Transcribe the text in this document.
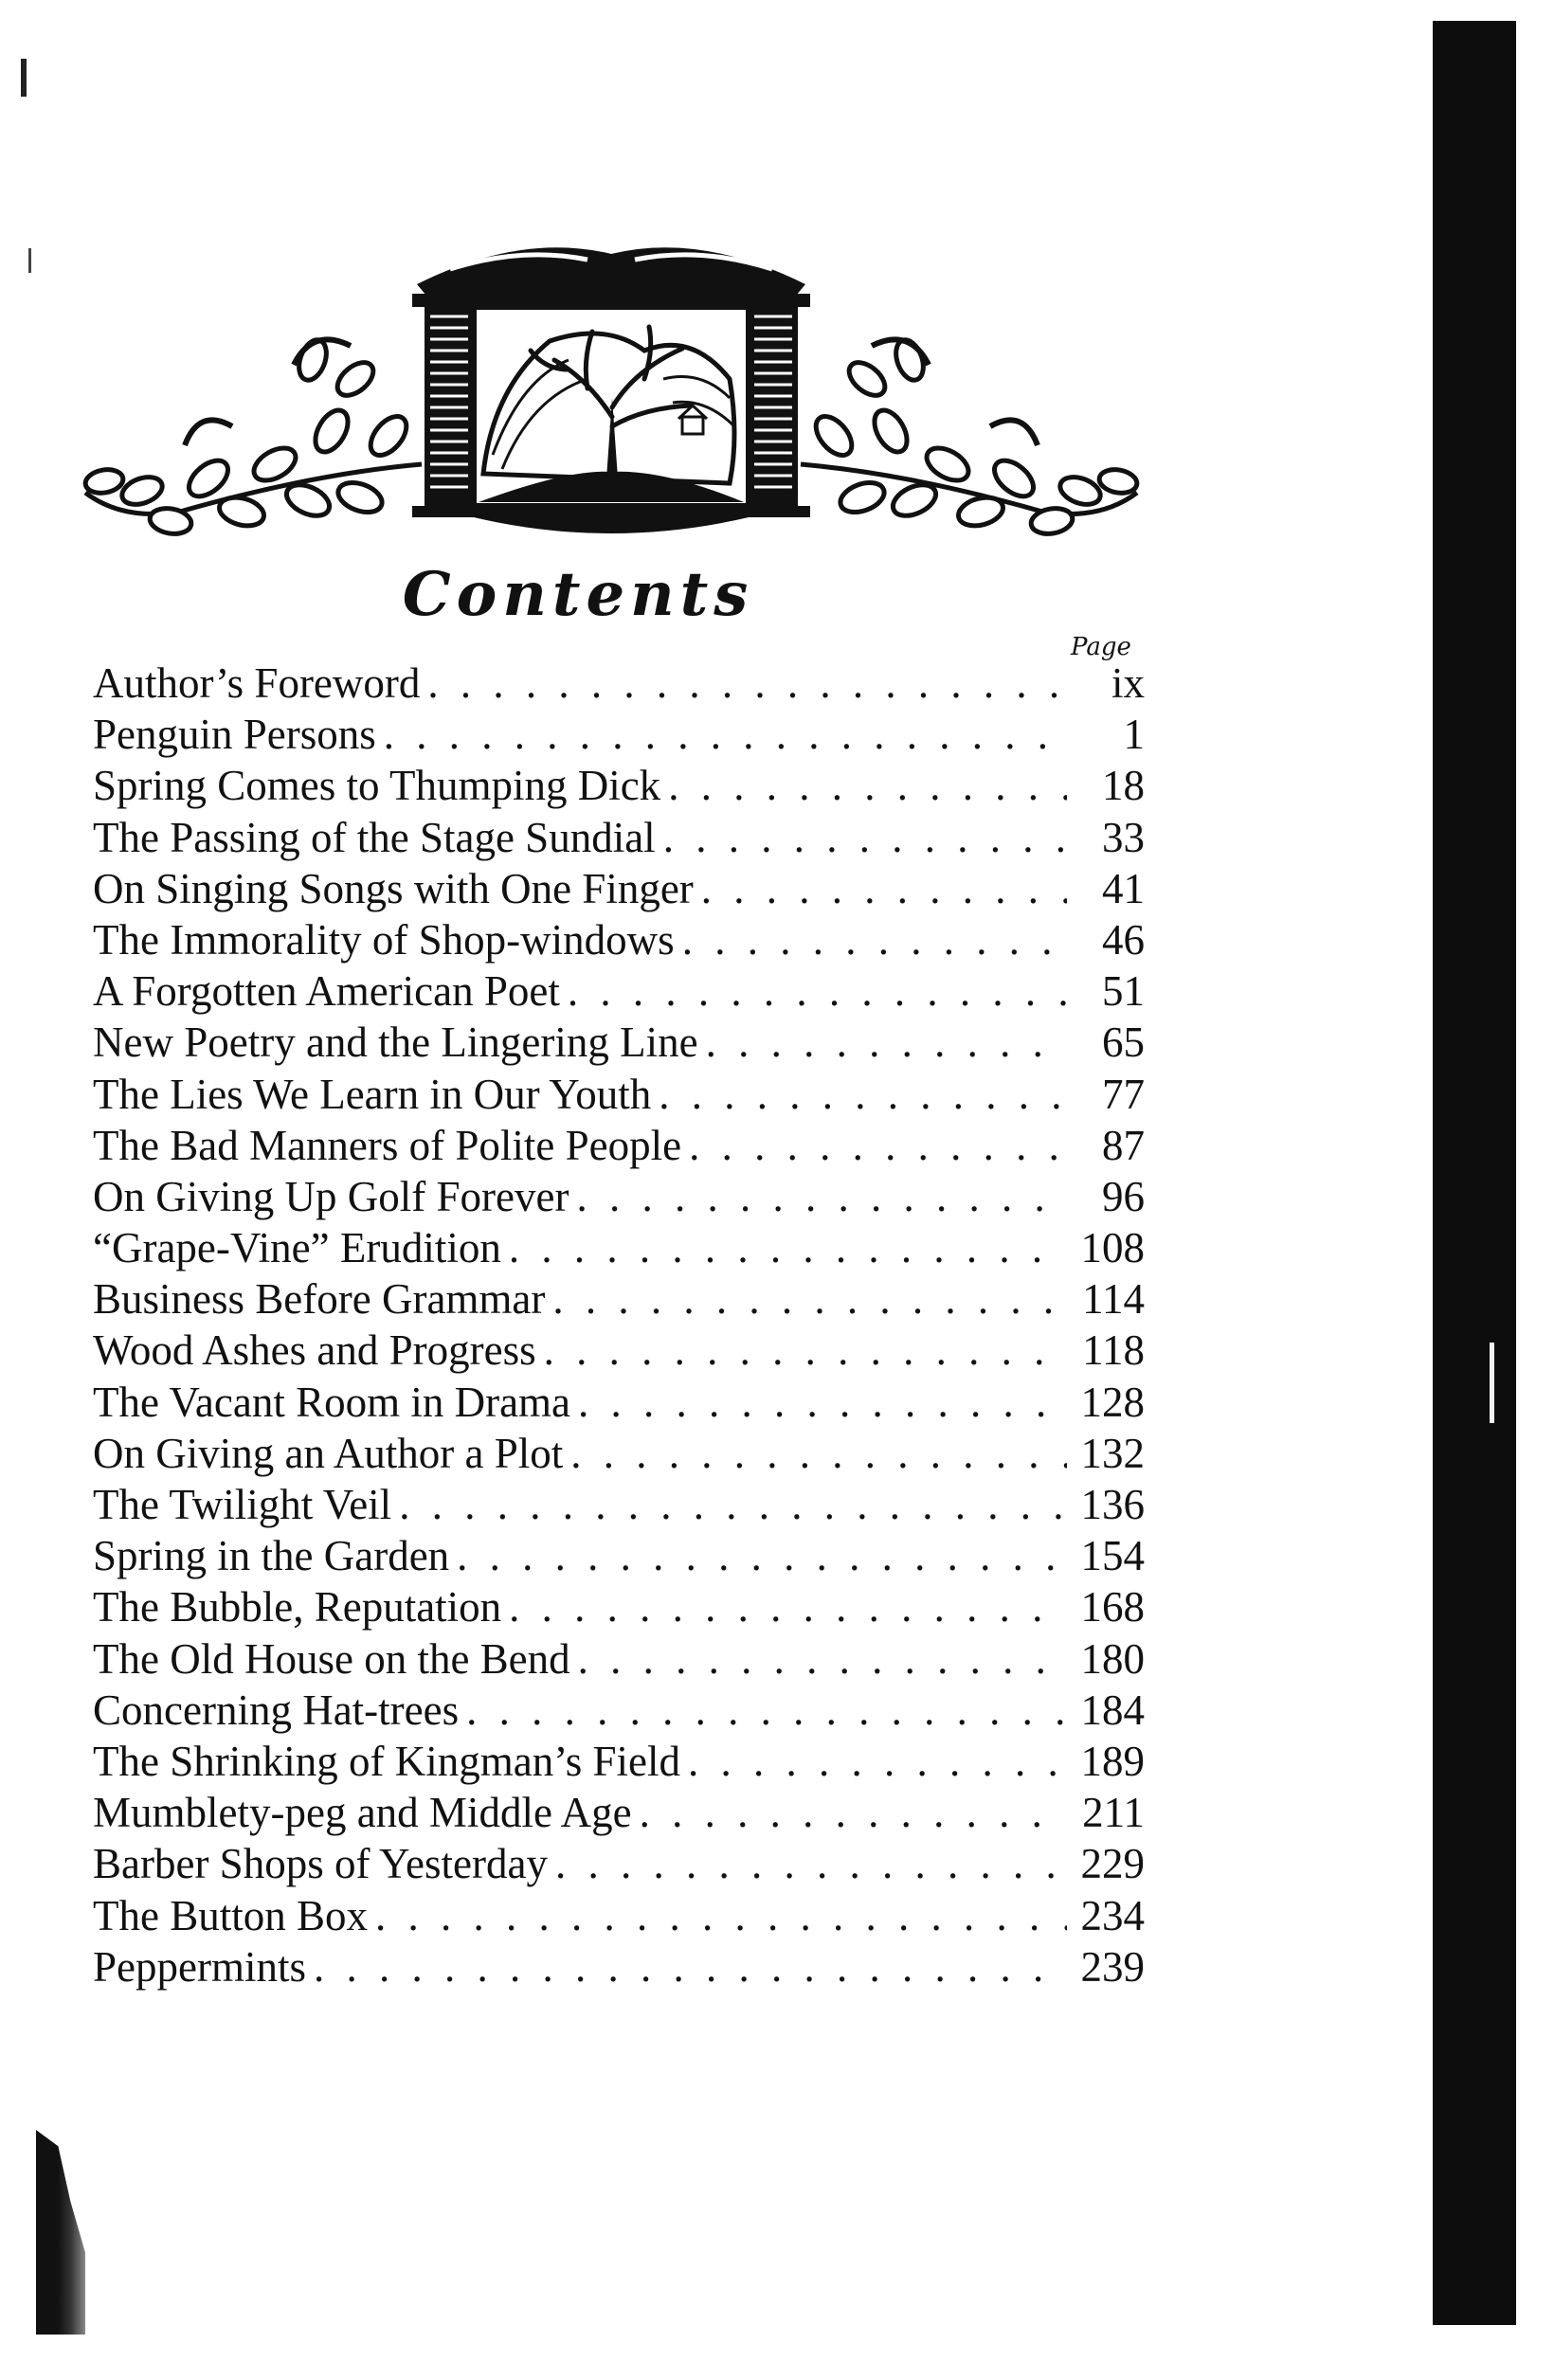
Contents
Page
Author’s Foreword . . .	ix
Penguin Persons . . .	1
Spring Comes to Thumping Dick . . .	18
The Passing of the Stage Sundial . . .	33
On Singing Songs with One Finger . . .	41
The Immorality of Shop-windows . . .	46
A Forgotten American Poet . . .	51
New Poetry and the Lingering Line . . .	65
The Lies We Learn in Our Youth . . .	77
The Bad Manners of Polite People . . .	87
On Giving Up Golf Forever . . .	96
“Grape-Vine” Erudition . . .	108
Business Before Grammar . . .	114
Wood Ashes and Progress . . .	118
The Vacant Room in Drama . . .	128
On Giving an Author a Plot . . .	132
The Twilight Veil . . .	136
Spring in the Garden . . .	154
The Bubble, Reputation . . .	168
The Old House on the Bend . . .	180
Concerning Hat-trees . . .	184
The Shrinking of Kingman’s Field . . .	189
Mumblety-peg and Middle Age . . .	211
Barber Shops of Yesterday . . .	229
The Button Box . . .	234
Peppermints . . .	239
